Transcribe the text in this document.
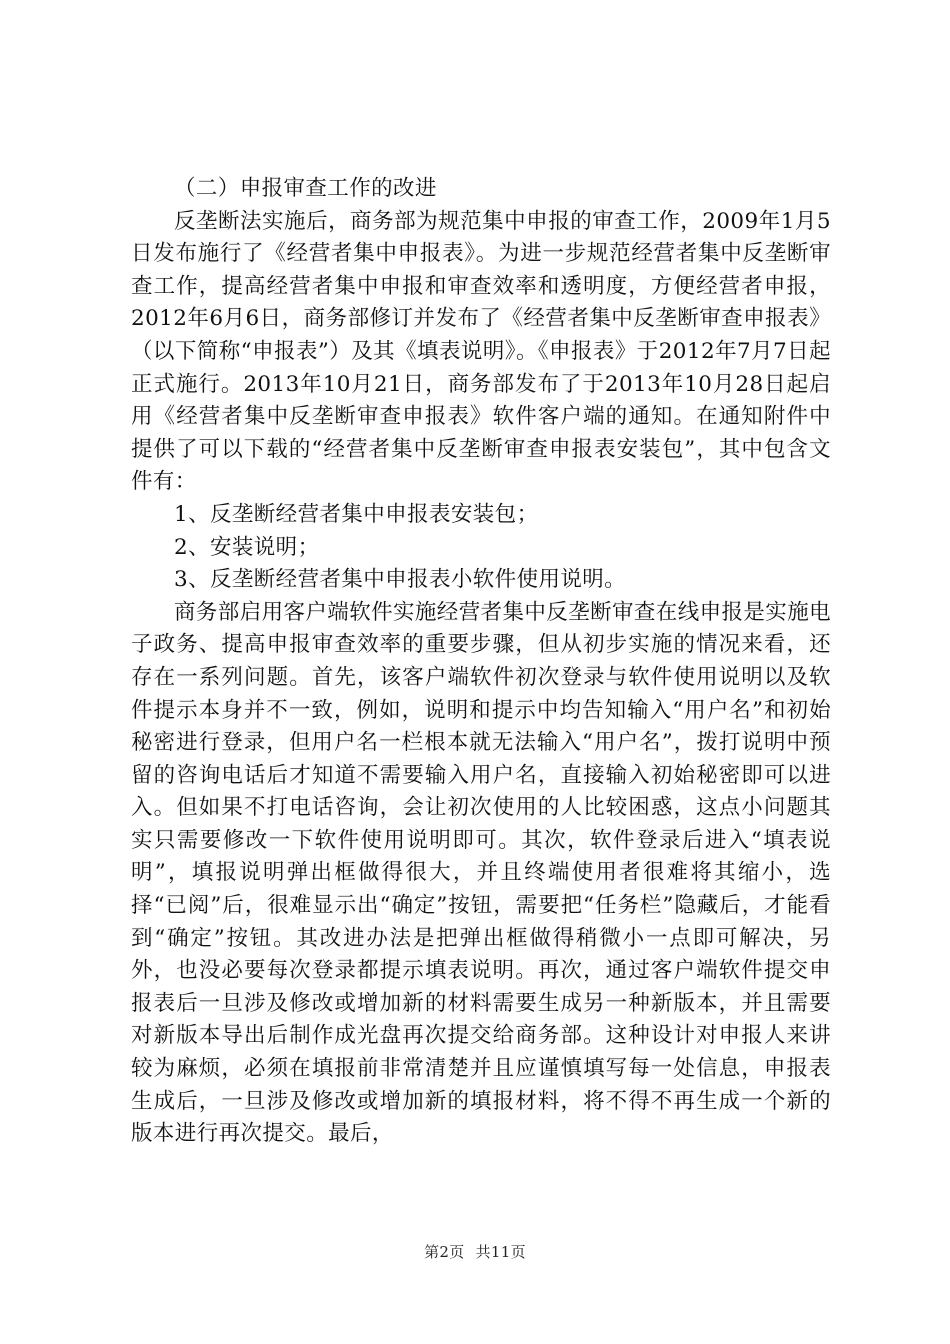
（二）申报审查工作的改进

反垄断法实施后，商务部为规范集中申报的审查工作，2009年1月5日发布施行了《经营者集中申报表》。为进一步规范经营者集中反垄断审查工作，提高经营者集中申报和审查效率和透明度，方便经营者申报，2012年6月6日，商务部修订并发布了《经营者集中反垄断审查申报表》（以下简称“申报表”）及其《填表说明》。《申报表》于2012年7月7日起正式施行。2013年10月21日，商务部发布了于2013年10月28日起启用《经营者集中反垄断审查申报表》软件客户端的通知。在通知附件中提供了可以下载的“经营者集中反垄断审查申报表安装包”，其中包含文件有：

1、反垄断经营者集中申报表安装包；

2、安装说明；

3、反垄断经营者集中申报表小软件使用说明。

商务部启用客户端软件实施经营者集中反垄断审查在线申报是实施电子政务、提高申报审查效率的重要步骤，但从初步实施的情况来看，还存在一系列问题。首先，该客户端软件初次登录与软件使用说明以及软件提示本身并不一致，例如，说明和提示中均告知输入“用户名”和初始秘密进行登录，但用户名一栏根本就无法输入“用户名”，拨打说明中预留的咨询电话后才知道不需要输入用户名，直接输入初始秘密即可以进入。但如果不打电话咨询，会让初次使用的人比较困惑，这点小问题其实只需要修改一下软件使用说明即可。其次，软件登录后进入“填表说明”，填报说明弹出框做得很大，并且终端使用者很难将其缩小，选择“已阅”后，很难显示出“确定”按钮，需要把“任务栏”隐藏后，才能看到“确定”按钮。其改进办法是把弹出框做得稍微小一点即可解决，另外，也没必要每次登录都提示填表说明。再次，通过客户端软件提交申报表后一旦涉及修改或增加新的材料需要生成另一种新版本，并且需要对新版本导出后制作成光盘再次提交给商务部。这种设计对申报人来讲较为麻烦，必须在填报前非常清楚并且应谨慎填写每一处信息，申报表生成后，一旦涉及修改或增加新的填报材料，将不得不再生成一个新的版本进行再次提交。最后，

第2页 共11页
